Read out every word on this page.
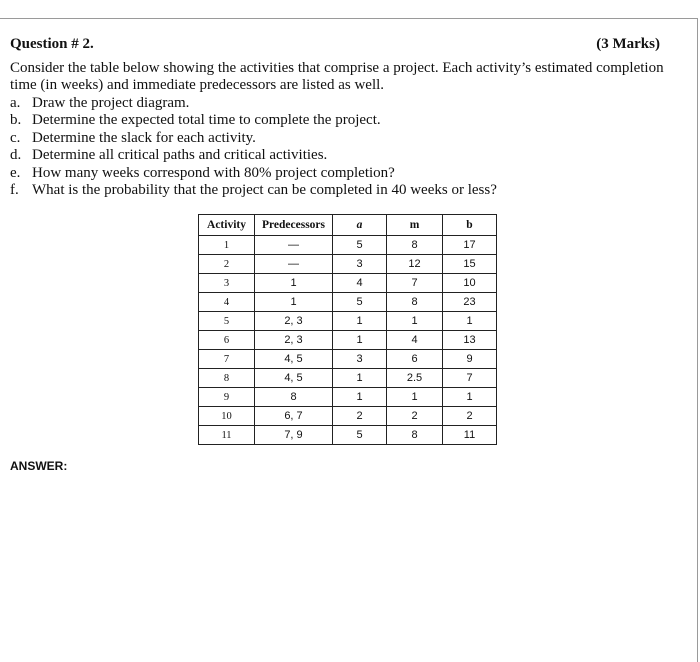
Question # 2.	(3 Marks)
Consider the table below showing the activities that comprise a project. Each activity’s estimated completion time (in weeks) and immediate predecessors are listed as well.
a. Draw the project diagram.
b. Determine the expected total time to complete the project.
c. Determine the slack for each activity.
d. Determine all critical paths and critical activities.
e. How many weeks correspond with 80% project completion?
f. What is the probability that the project can be completed in 40 weeks or less?
Activity	Predecessors	a	m	b
1	—	5	8	17
2	—	3	12	15
3	1	4	7	10
4	1	5	8	23
5	2, 3	1	1	1
6	2, 3	1	4	13
7	4, 5	3	6	9
8	4, 5	1	2.5	7
9	8	1	1	1
10	6, 7	2	2	2
11	7, 9	5	8	11
ANSWER:
